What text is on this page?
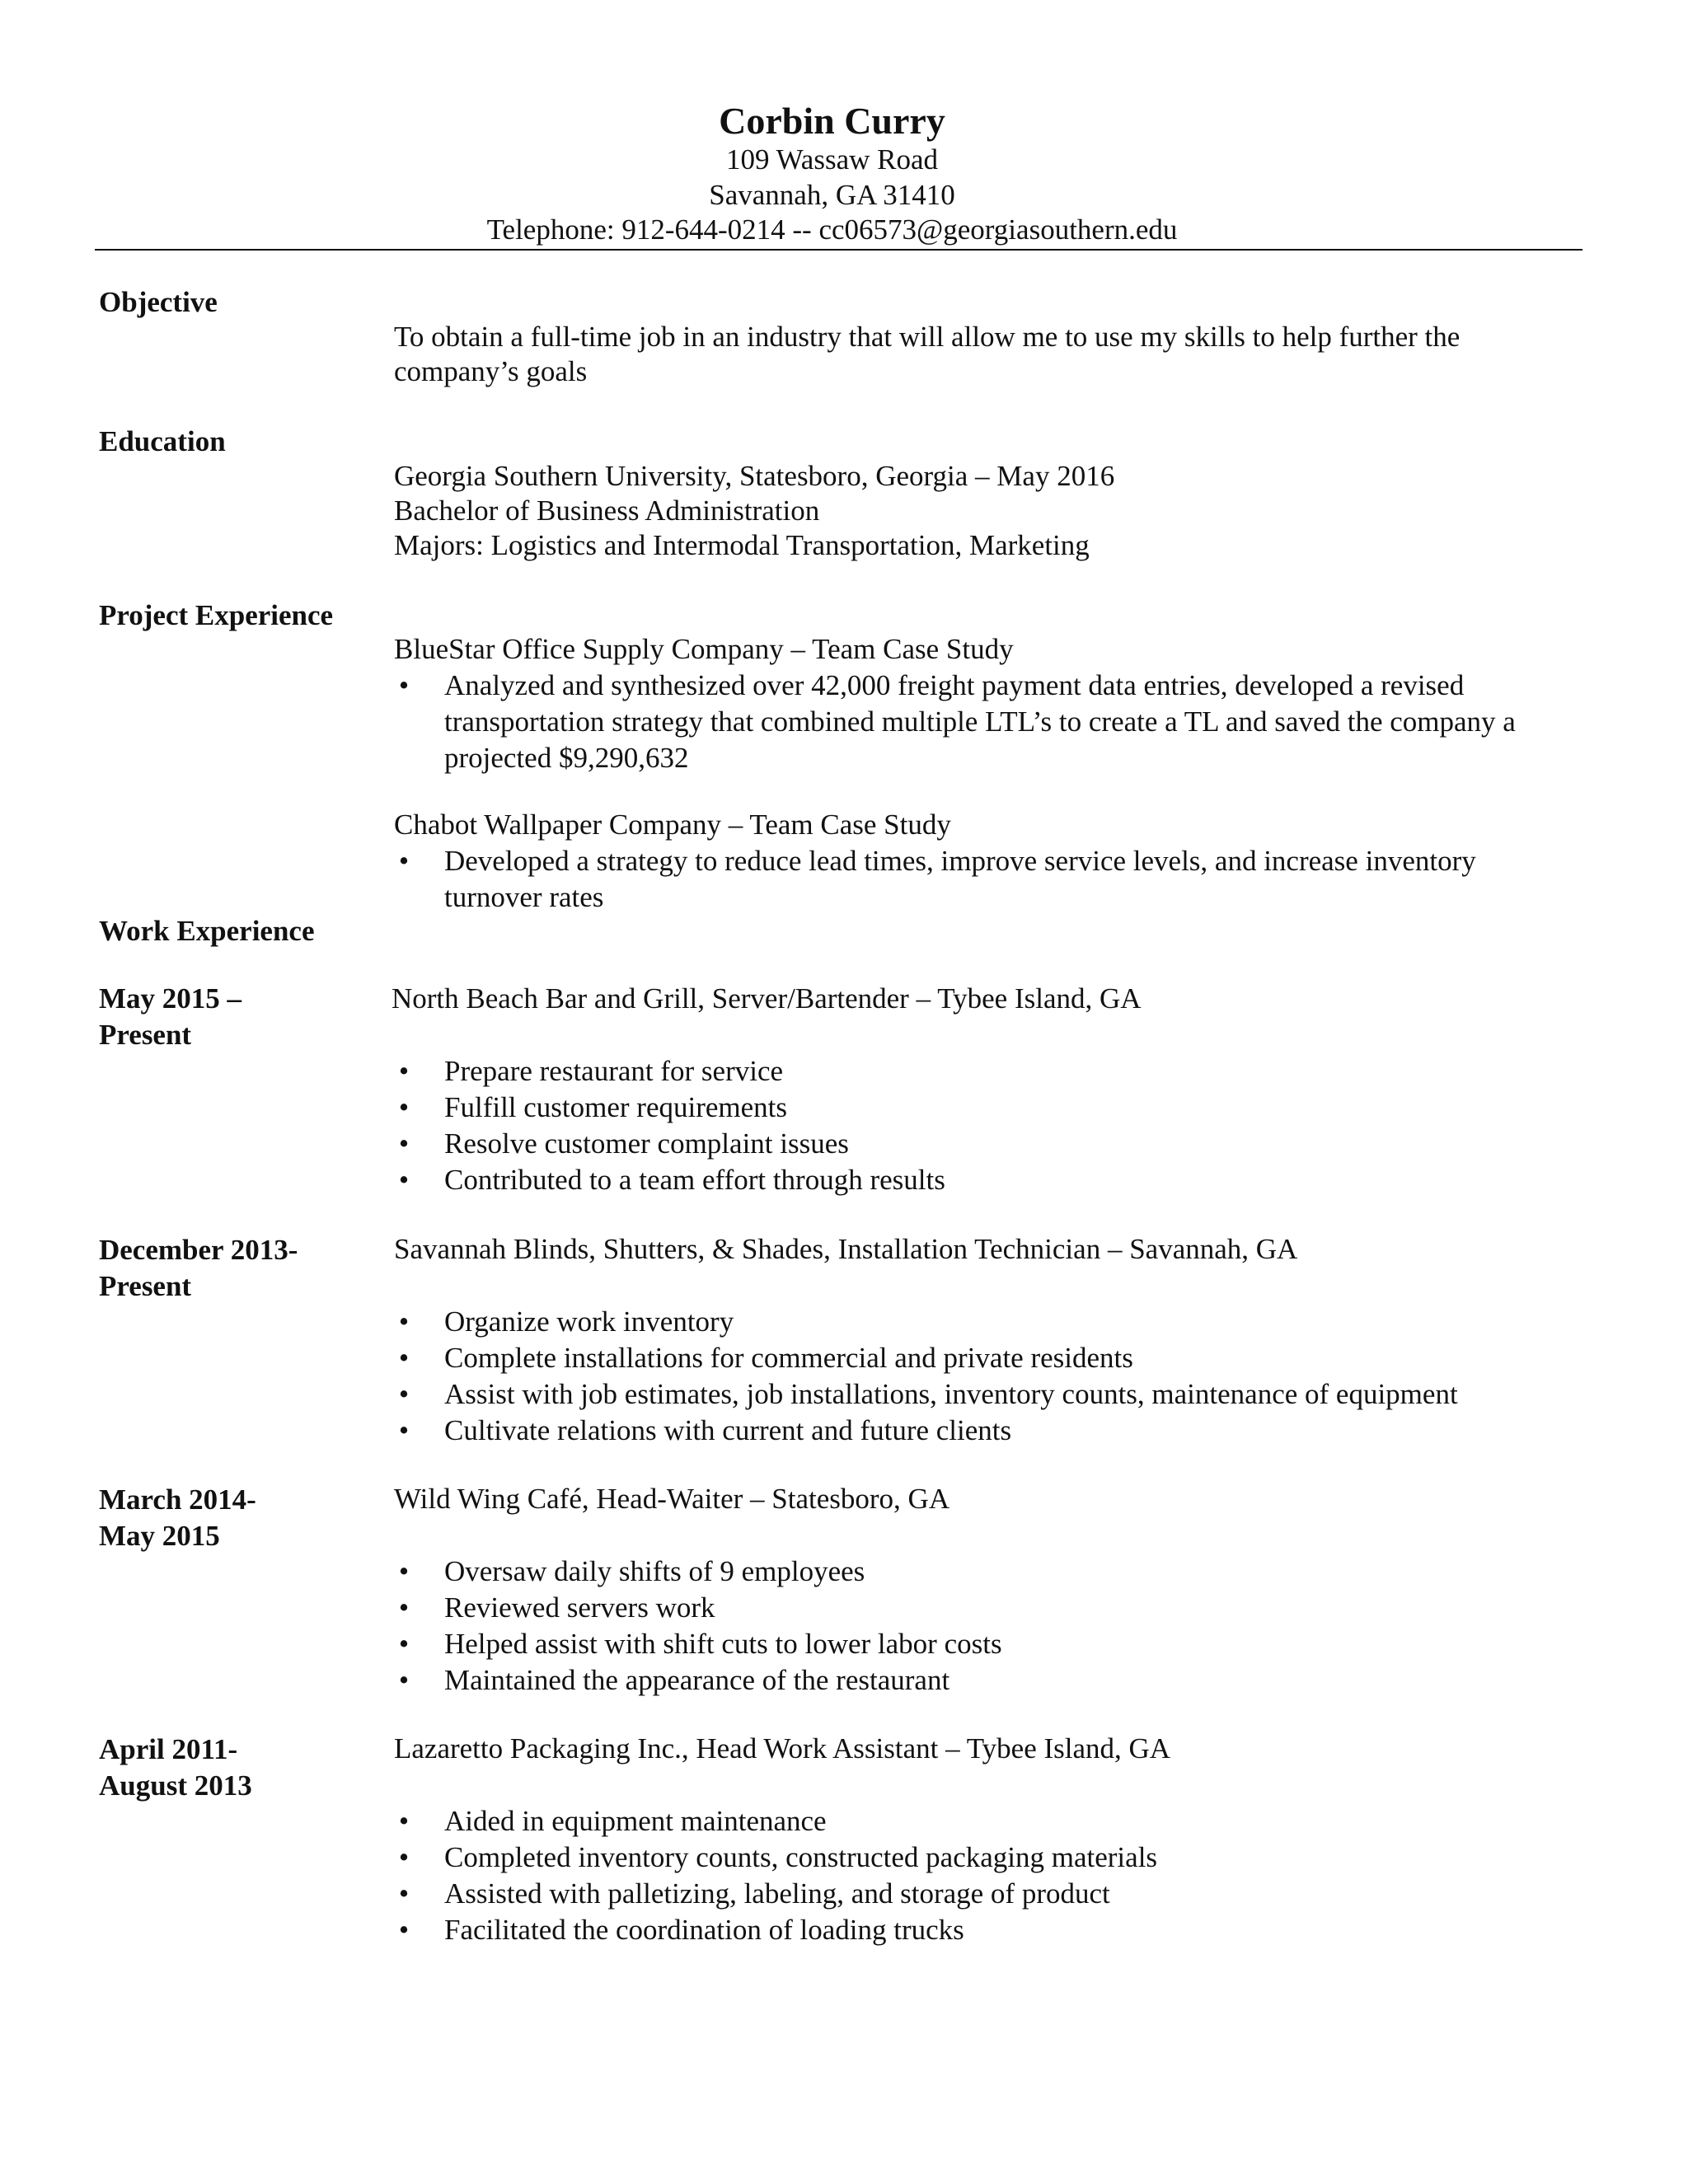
Corbin Curry
109 Wassaw Road
Savannah, GA 31410
Telephone: 912-644-0214 -- cc06573@georgiasouthern.edu
Objective
To obtain a full-time job in an industry that will allow me to use my skills to help further the company’s goals
Education
Georgia Southern University, Statesboro, Georgia – May 2016
Bachelor of Business Administration
Majors: Logistics and Intermodal Transportation, Marketing
Project Experience
BlueStar Office Supply Company – Team Case Study
• Analyzed and synthesized over 42,000 freight payment data entries, developed a revised transportation strategy that combined multiple LTL’s to create a TL and saved the company a projected $9,290,632
Chabot Wallpaper Company – Team Case Study
• Developed a strategy to reduce lead times, improve service levels, and increase inventory turnover rates
Work Experience
May 2015 –
Present
North Beach Bar and Grill, Server/Bartender – Tybee Island, GA
• Prepare restaurant for service
• Fulfill customer requirements
• Resolve customer complaint issues
• Contributed to a team effort through results
December 2013-
Present
Savannah Blinds, Shutters, & Shades, Installation Technician – Savannah, GA
• Organize work inventory
• Complete installations for commercial and private residents
• Assist with job estimates, job installations, inventory counts, maintenance of equipment
• Cultivate relations with current and future clients
March 2014-
May 2015
Wild Wing Café, Head-Waiter – Statesboro, GA
• Oversaw daily shifts of 9 employees
• Reviewed servers work
• Helped assist with shift cuts to lower labor costs
• Maintained the appearance of the restaurant
April 2011-
August 2013
Lazaretto Packaging Inc., Head Work Assistant – Tybee Island, GA
• Aided in equipment maintenance
• Completed inventory counts, constructed packaging materials
• Assisted with palletizing, labeling, and storage of product
• Facilitated the coordination of loading trucks
